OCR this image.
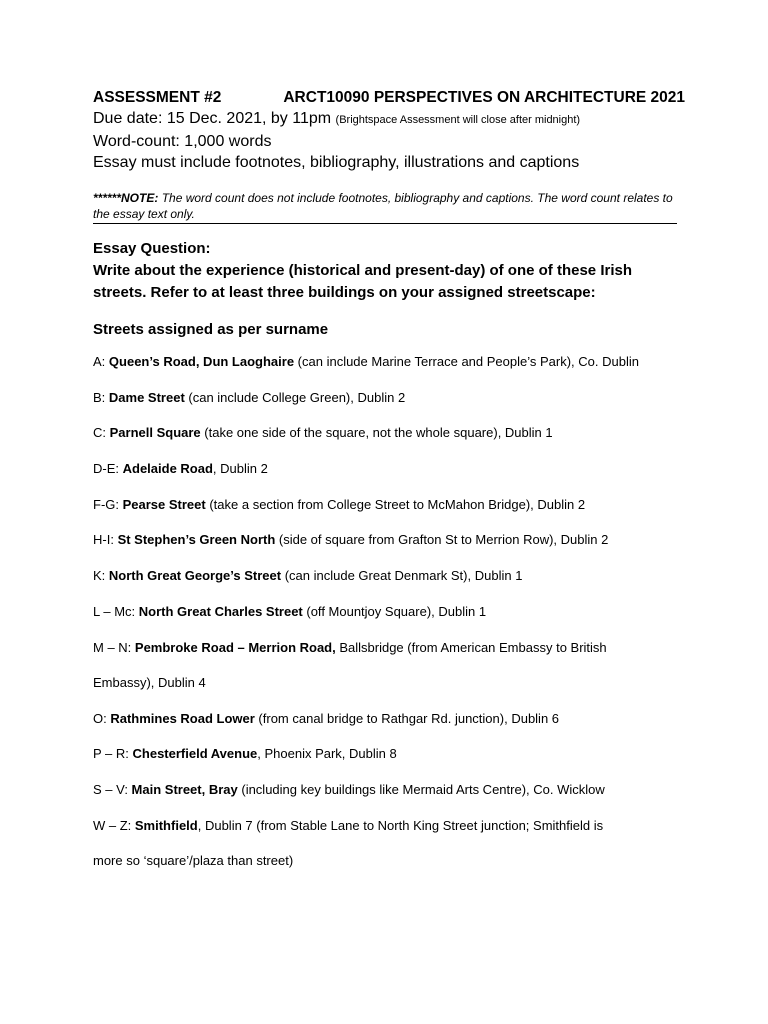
ASSESSMENT #2	ARCT10090 PERSPECTIVES ON ARCHITECTURE 2021
Due date: 15 Dec. 2021, by 11pm (Brightspace Assessment will close after midnight)
Word-count: 1,000 words
Essay must include footnotes, bibliography, illustrations and captions
******NOTE: The word count does not include footnotes, bibliography and captions. The word count relates to the essay text only.
Essay Question:
Write about the experience (historical and present-day) of one of these Irish streets. Refer to at least three buildings on your assigned streetscape:
Streets assigned as per surname
A: Queen’s Road, Dun Laoghaire (can include Marine Terrace and People’s Park), Co. Dublin
B: Dame Street (can include College Green), Dublin 2
C: Parnell Square (take one side of the square, not the whole square), Dublin 1
D-E: Adelaide Road, Dublin 2
F-G: Pearse Street (take a section from College Street to McMahon Bridge), Dublin 2
H-I: St Stephen’s Green North (side of square from Grafton St to Merrion Row), Dublin 2
K: North Great George’s Street (can include Great Denmark St), Dublin 1
L – Mc: North Great Charles Street (off Mountjoy Square), Dublin 1
M – N: Pembroke Road – Merrion Road, Ballsbridge (from American Embassy to British
Embassy), Dublin 4
O: Rathmines Road Lower (from canal bridge to Rathgar Rd. junction), Dublin 6
P – R: Chesterfield Avenue, Phoenix Park, Dublin 8
S – V: Main Street, Bray (including key buildings like Mermaid Arts Centre), Co. Wicklow
W – Z: Smithfield, Dublin 7 (from Stable Lane to North King Street junction; Smithfield is
more so ‘square’/plaza than street)
